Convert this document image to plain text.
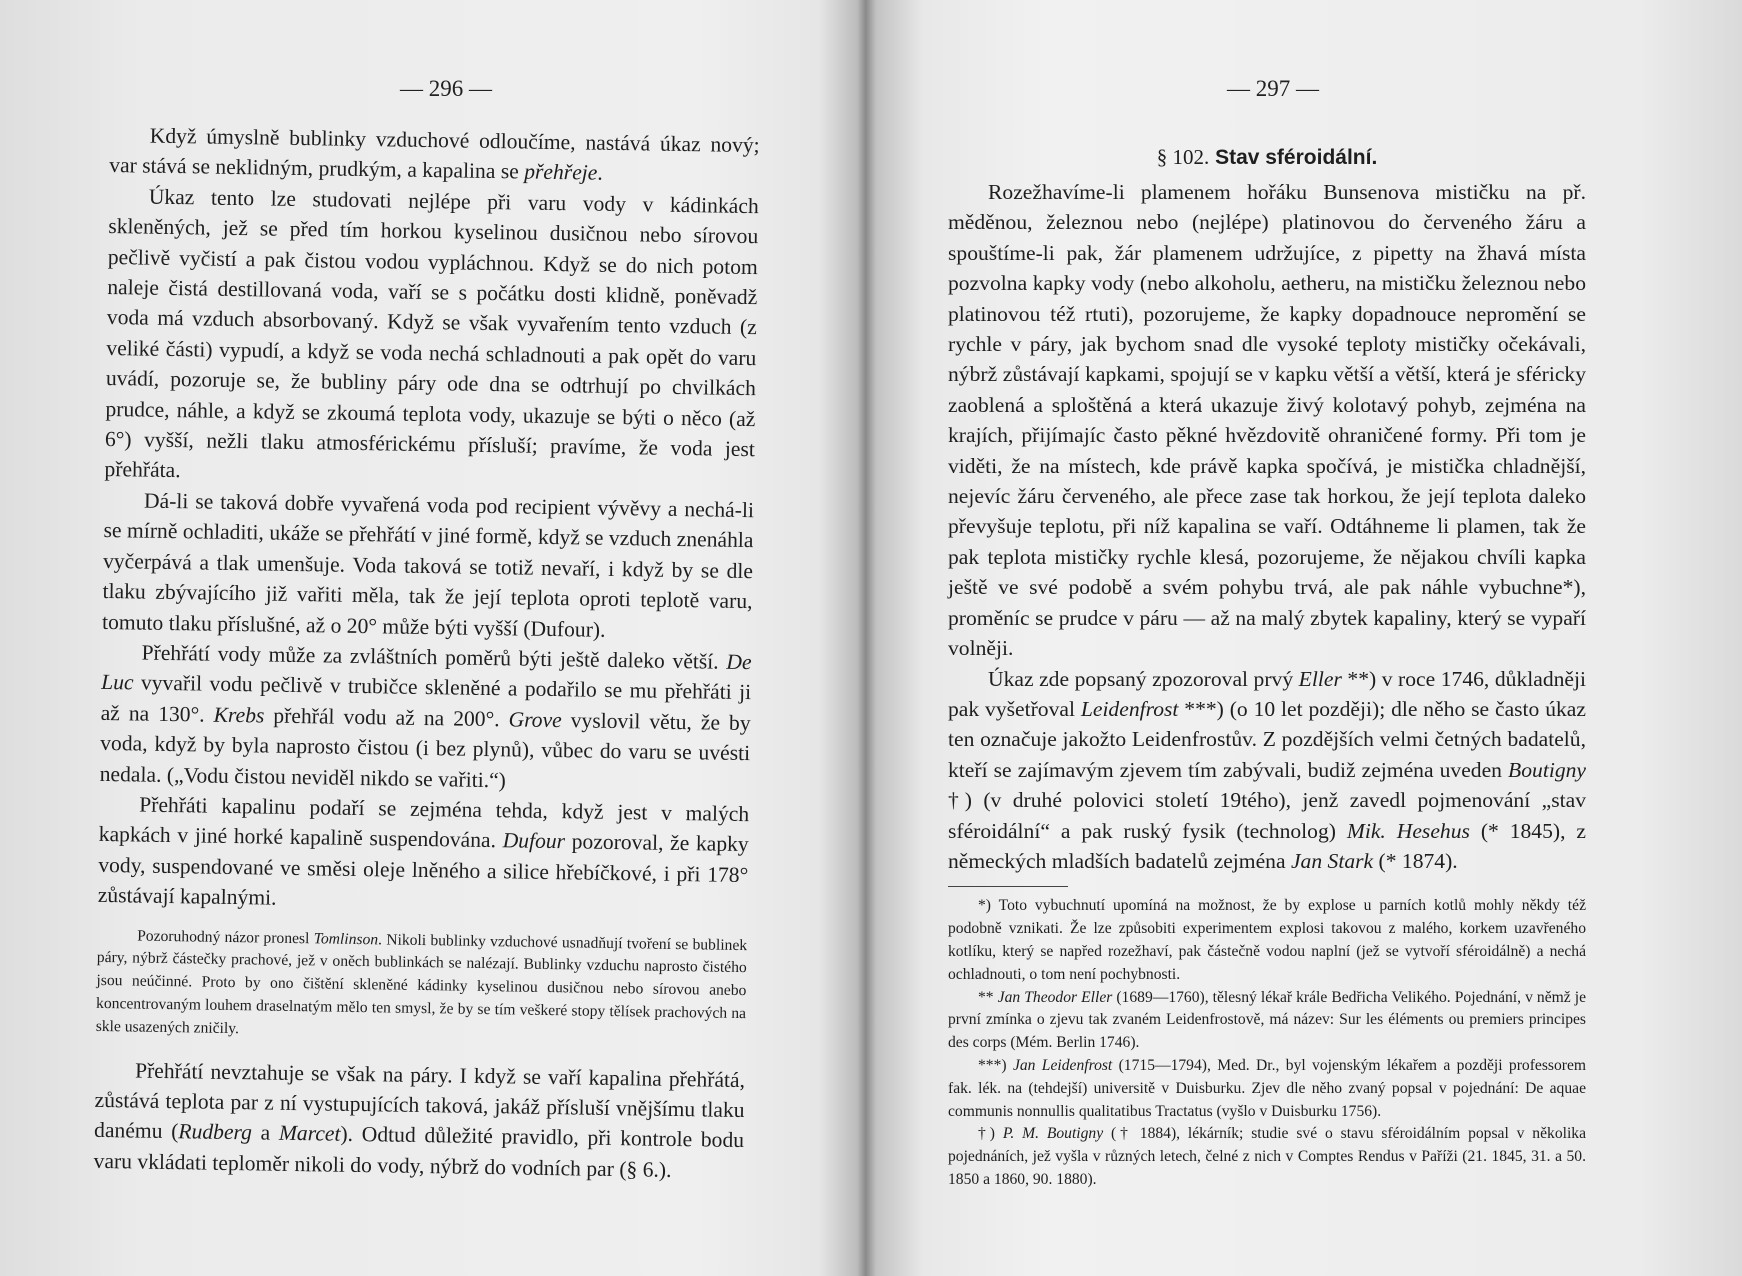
— 296 —

Když úmyslně bublinky vzduchové odloučíme, nastává úkaz nový; var stává se neklidným, prudkým, a kapalina se přehřeje.

Úkaz tento lze studovati nejlépe při varu vody v kádinkách skleněných, jež se před tím horkou kyselinou dusičnou nebo sírovou pečlivě vyčistí a pak čistou vodou vypláchnou. Když se do nich potom naleje čistá destillovaná voda, vaří se s počátku dosti klidně, poněvadž voda má vzduch absorbovaný. Když se však vyvařením tento vzduch (z veliké části) vypudí, a když se voda nechá schladnouti a pak opět do varu uvádí, pozoruje se, že bubliny páry ode dna se odtrhují po chvilkách prudce, náhle, a když se zkoumá teplota vody, ukazuje se býti o něco (až 6°) vyšší, nežli tlaku atmosférickému přísluší; pravíme, že voda jest přehřáta.

Dá-li se taková dobře vyvařená voda pod recipient vývěvy a nechá-li se mírně ochladiti, ukáže se přehřátí v jiné formě, když se vzduch znenáhla vyčerpává a tlak umenšuje. Voda taková se totiž nevaří, i když by se dle tlaku zbývajícího již vařiti měla, tak že její teplota oproti teplotě varu, tomuto tlaku příslušné, až o 20° může býti vyšší (Dufour).

Přehřátí vody může za zvláštních poměrů býti ještě daleko větší. De Luc vyvařil vodu pečlivě v trubičce skleněné a podařilo se mu přehřáti ji až na 130°. Krebs přehřál vodu až na 200°. Grove vyslovil větu, že by voda, když by byla naprosto čistou (i bez plynů), vůbec do varu se uvésti nedala. („Vodu čistou neviděl nikdo se vařiti.“)

Přehřáti kapalinu podaří se zejména tehda, když jest v malých kapkách v jiné horké kapalině suspendována. Dufour pozoroval, že kapky vody, suspendované ve směsi oleje lněného a silice hřebíčkové, i při 178° zůstávají kapalnými.

Pozoruhodný názor pronesl Tomlinson. Nikoli bublinky vzduchové usnadňují tvoření se bublinek páry, nýbrž částečky prachové, jež v oněch bublinkách se nalézají. Bublinky vzduchu naprosto čistého jsou neúčinné. Proto by ono čištění skleněné kádinky kyselinou dusičnou nebo sírovou anebo koncentrovaným louhem draselnatým mělo ten smysl, že by se tím veškeré stopy tělísek prachových na skle usazených zničily.

Přehřátí nevztahuje se však na páry. I když se vaří kapalina přehřátá, zůstává teplota par z ní vystupujících taková, jakáž přísluší vnějšímu tlaku danému (Rudberg a Marcet). Odtud důležité pravidlo, při kontrole bodu varu vkládati teploměr nikoli do vody, nýbrž do vodních par (§ 6.).

— 297 —
§ 102. Stav sféroidální.

Rozežhavíme-li plamenem hořáku Bunsenova mističku na př. měděnou, železnou nebo (nejlépe) platinovou do červeného žáru a spouštíme-li pak, žár plamenem udržujíce, z pipetty na žhavá místa pozvolna kapky vody (nebo alkoholu, aetheru, na mističku železnou nebo platinovou též rtuti), pozorujeme, že kapky dopadnouce nepromění se rychle v páry, jak bychom snad dle vysoké teploty mističky očekávali, nýbrž zůstávají kapkami, spojují se v kapku větší a větší, která je sféricky zaoblená a sploštěná a která ukazuje živý kolotavý pohyb, zejména na krajích, přijímajíc často pěkné hvězdovitě ohraničené formy. Při tom je viděti, že na místech, kde právě kapka spočívá, je mistička chladnější, nejevíc žáru červeného, ale přece zase tak horkou, že její teplota daleko převyšuje teplotu, při níž kapalina se vaří. Odtáhneme li plamen, tak že pak teplota mističky rychle klesá, pozorujeme, že nějakou chvíli kapka ještě ve své podobě a svém pohybu trvá, ale pak náhle vybuchne*), proměníc se prudce v páru — až na malý zbytek kapaliny, který se vypaří volněji.

Úkaz zde popsaný zpozoroval prvý Eller **) v roce 1746, důkladněji pak vyšetřoval Leidenfrost ***) (o 10 let později); dle něho se často úkaz ten označuje jakožto Leidenfrostův. Z pozdějších velmi četných badatelů, kteří se zajímavým zjevem tím zabývali, budiž zejména uveden Boutigny †) (v druhé polovici století 19tého), jenž zavedl pojmenování „stav sféroidální“ a pak ruský fysik (technolog) Mik. Hesehus (* 1845), z německých mladších badatelů zejména Jan Stark (* 1874).

*) Toto vybuchnutí upomíná na možnost, že by explose u parních kotlů mohly někdy též podobně vznikati. Že lze způsobiti experimentem explosi takovou z malého, korkem uzavřeného kotlíku, který se napřed rozežhaví, pak částečně vodou naplní (jež se vytvoří sféroidálně) a nechá ochladnouti, o tom není pochybnosti.

** Jan Theodor Eller (1689—1760), tělesný lékař krále Bedřicha Velikého. Pojednání, v němž je první zmínka o zjevu tak zvaném Leidenfrostově, má název: Sur les éléments ou premiers principes des corps (Mém. Berlin 1746).

***) Jan Leidenfrost (1715—1794), Med. Dr., byl vojenským lékařem a později professorem fak. lék. na (tehdejší) universitě v Duisburku. Zjev dle něho zvaný popsal v pojednání: De aquae communis nonnullis qualitatibus Tractatus (vyšlo v Duisburku 1756).

†) P. M. Boutigny († 1884), lékárník; studie své o stavu sféroidálním popsal v několika pojednáních, jež vyšla v různých letech, čelné z nich v Comptes Rendus v Paříži (21. 1845, 31. a 50. 1850 a 1860, 90. 1880).
